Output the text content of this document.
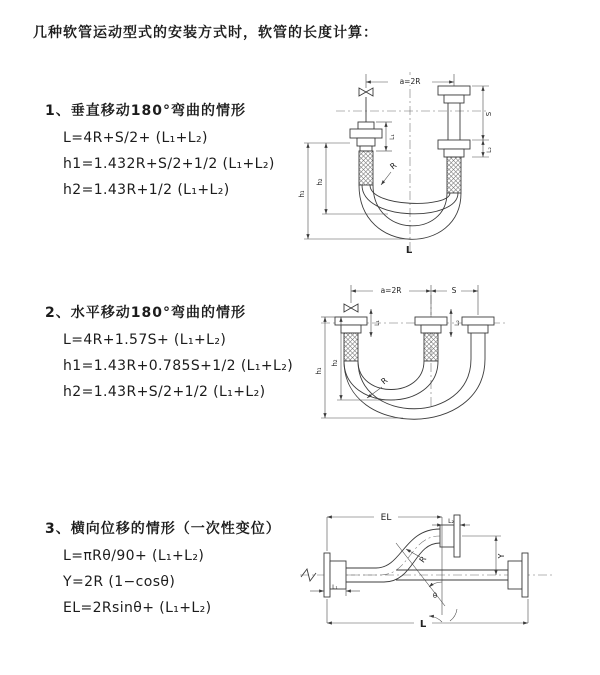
几种软管运动型式的安装方式时，软管的长度计算：
1、垂直移动180°弯曲的情形
L=4R+S/2+ (L₁+L₂)
h1=1.432R+S/2+1/2 (L₁+L₂)
h2=1.43R+1/2 (L₁+L₂)
2、水平移动180°弯曲的情形
L=4R+1.57S+ (L₁+L₂)
h1=1.43R+0.785S+1/2 (L₁+L₂)
h2=1.43R+S/2+1/2 (L₁+L₂)
3、横向位移的情形（一次性变位）
L=πRθ/90+ (L₁+L₂)
Y=2R (1−cosθ)
EL=2Rsinθ+ (L₁+L₂)
a=2R
h₁
h₂
L₁
S
L₂
R
L
a=2R	S
h₁
h₂
L₁	L₂
R
EL	L₂
Y
L
L₁
R
θ
